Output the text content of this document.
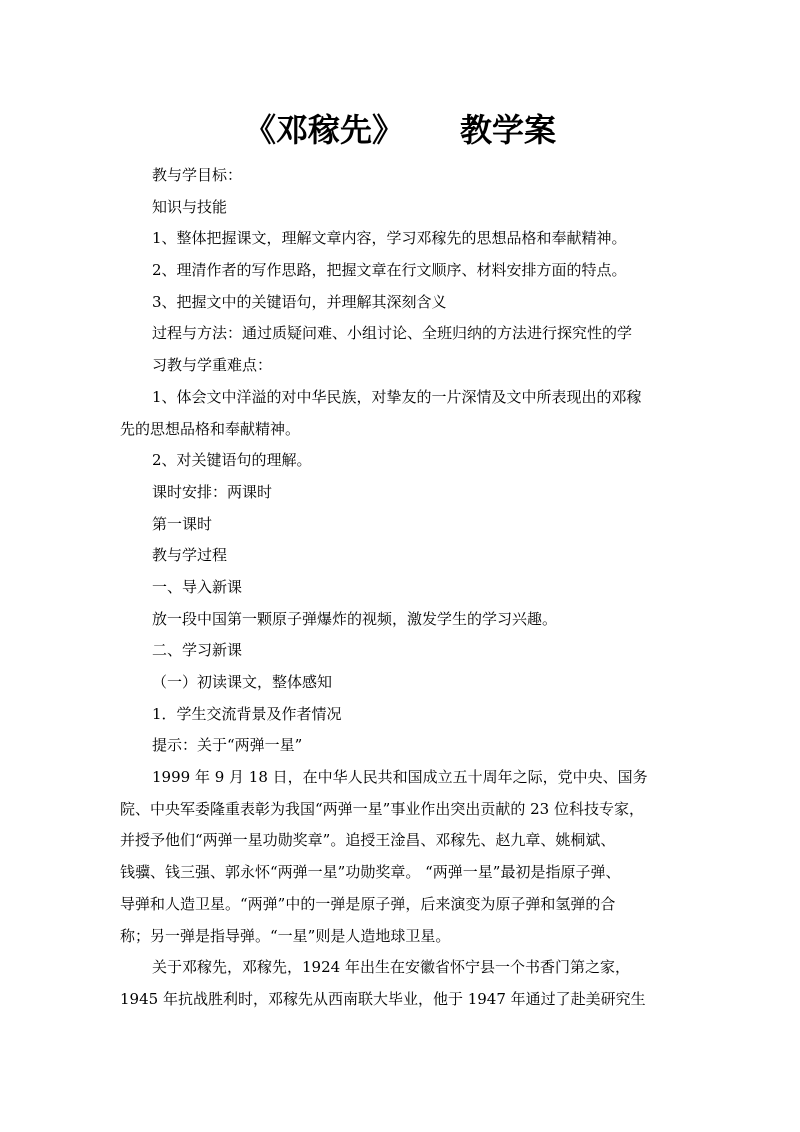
《邓稼先》 教学案
教与学目标：
知识与技能
1、整体把握课文，理解文章内容，学习邓稼先的思想品格和奉献精神。
2、理清作者的写作思路，把握文章在行文顺序、材料安排方面的特点。
3、把握文中的关键语句，并理解其深刻含义
过程与方法：通过质疑问难、小组讨论、全班归纳的方法进行探究性的学
习教与学重难点：
1、体会文中洋溢的对中华民族，对挚友的一片深情及文中所表现出的邓稼
先的思想品格和奉献精神。
2、对关键语句的理解。
课时安排：两课时
第一课时
教与学过程
一、导入新课
放一段中国第一颗原子弹爆炸的视频，激发学生的学习兴趣。
二、学习新课
（一）初读课文，整体感知
1．学生交流背景及作者情况
提示：关于“两弹一星”
1999 年 9 月 18 日，在中华人民共和国成立五十周年之际，党中央、国务
院、中央军委隆重表彰为我国“两弹一星”事业作出突出贡献的 23 位科技专家，
并授予他们“两弹一星功勋奖章”。追授王淦昌、邓稼先、赵九章、姚桐斌、
钱骥、钱三强、郭永怀“两弹一星”功勋奖章。 “两弹一星”最初是指原子弹、
导弹和人造卫星。“两弹”中的一弹是原子弹，后来演变为原子弹和氢弹的合
称；另一弹是指导弹。“一星”则是人造地球卫星。
关于邓稼先，邓稼先，1924 年出生在安徽省怀宁县一个书香门第之家，
1945 年抗战胜利时，邓稼先从西南联大毕业，他于 1947 年通过了赴美研究生
